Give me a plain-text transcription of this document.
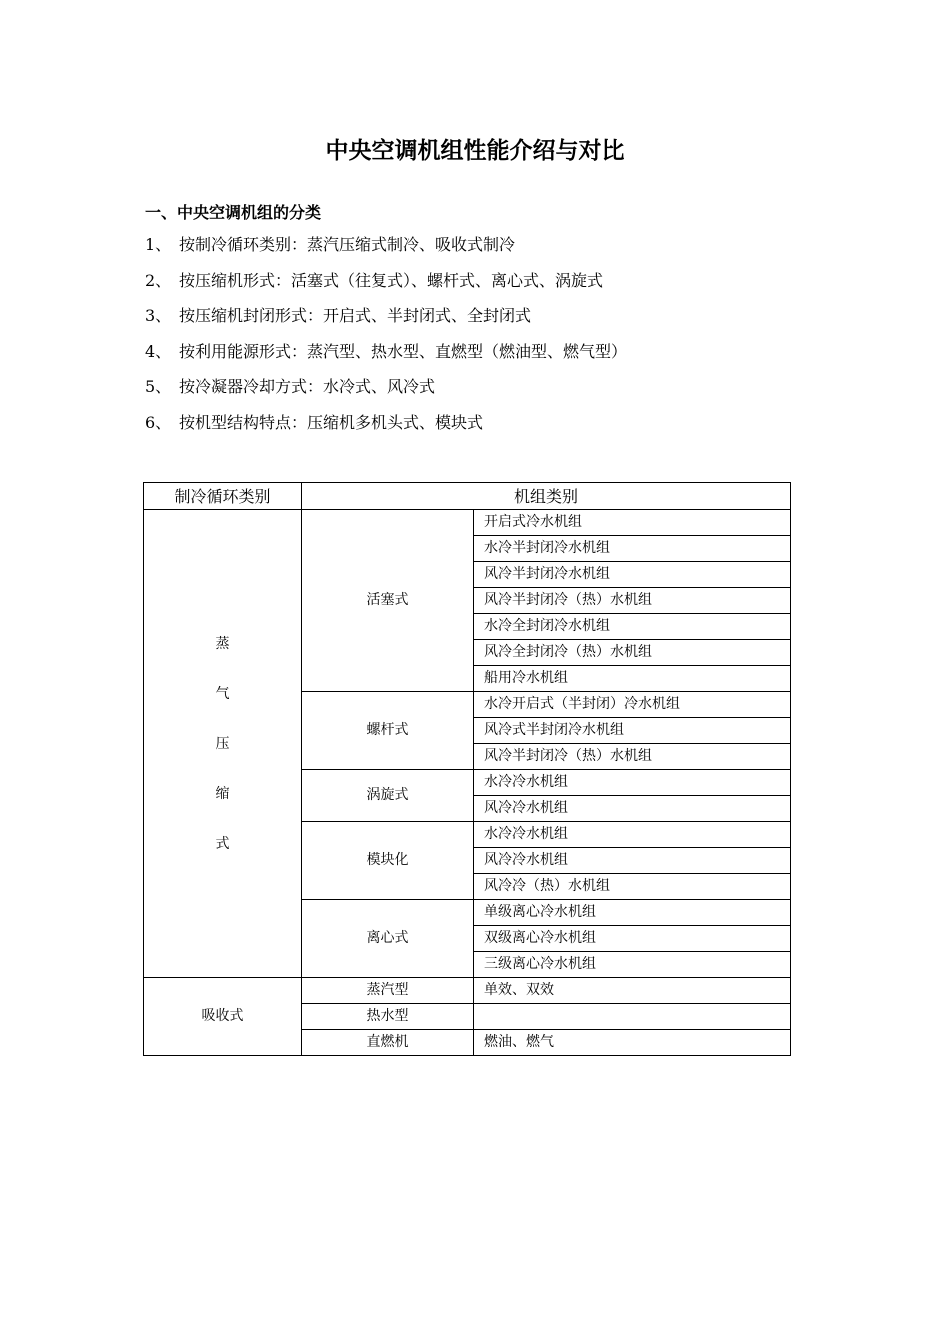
中央空调机组性能介绍与对比
一、中央空调机组的分类
1、 按制冷循环类别：蒸汽压缩式制冷、吸收式制冷
2、 按压缩机形式：活塞式（往复式）、螺杆式、离心式、涡旋式
3、 按压缩机封闭形式：开启式、半封闭式、全封闭式
4、 按利用能源形式：蒸汽型、热水型、直燃型（燃油型、燃气型）
5、 按冷凝器冷却方式：水冷式、风冷式
6、 按机型结构特点：压缩机多机头式、模块式
制冷循环类别	机组类别	

蒸
气
压
缩
式	活塞式	开启式冷水机组
		水冷半封闭冷水机组
		风冷半封闭冷水机组
		风冷半封闭冷（热）水机组
		水冷全封闭冷水机组
		风冷全封闭冷（热）水机组
		船用冷水机组
	螺杆式	水冷开启式（半封闭）冷水机组
		风冷式半封闭冷水机组
		风冷半封闭冷（热）水机组
	涡旋式	水冷冷水机组
		风冷冷水机组
	模块化	水冷冷水机组
		风冷冷水机组
		风冷冷（热）水机组
	离心式	单级离心冷水机组
		双级离心冷水机组
		三级离心冷水机组
吸收式	蒸汽型	单效、双效
	热水型	
	直燃机	燃油、燃气
